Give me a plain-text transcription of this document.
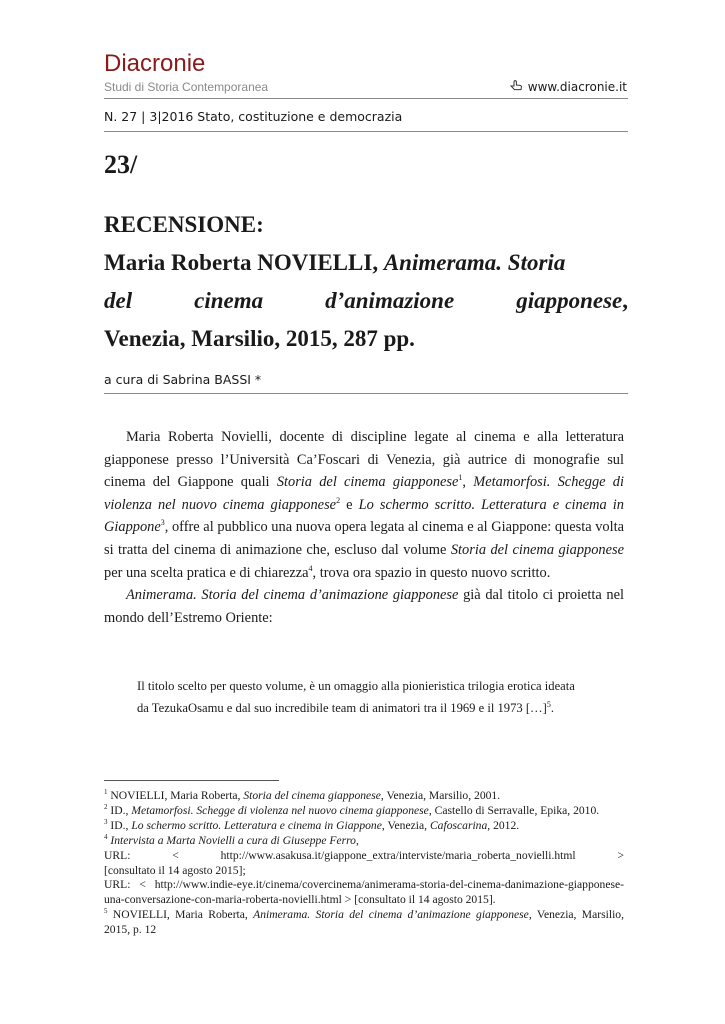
Diacronie
Studi di Storia Contemporanea	www.diacronie.it
N. 27 | 3|2016 Stato, costituzione e democrazia
23/
RECENSIONE:
Maria Roberta NOVIELLI, Animerama. Storia
del cinema d’animazione giapponese,
Venezia, Marsilio, 2015, 287 pp.
a cura di Sabrina BASSI *

Maria Roberta Novielli, docente di discipline legate al cinema e alla letteratura giapponese presso l’Università Ca’Foscari di Venezia, già autrice di monografie sul cinema del Giappone quali Storia del cinema giapponese$^1$, Metamorfosi. Schegge di violenza nel nuovo cinema giapponese$^2$ e Lo schermo scritto. Letteratura e cinema in Giappone$^3$, offre al pubblico una nuova opera legata al cinema e al Giappone: questa volta si tratta del cinema di animazione che, escluso dal volume Storia del cinema giapponese per una scelta pratica e di chiarezza$^4$, trova ora spazio in questo nuovo scritto.

Animerama. Storia del cinema d’animazione giapponese già dal titolo ci proietta nel mondo dell’Estremo Oriente:

Il titolo scelto per questo volume, è un omaggio alla pionieristica trilogia erotica ideata da TezukaOsamu e dal suo incredibile team di animatori tra il 1969 e il 1973 […]$^5$.
$^1$ NOVIELLI, Maria Roberta, Storia del cinema giapponese, Venezia, Marsilio, 2001.
$^2$ ID., Metamorfosi. Schegge di violenza nel nuovo cinema giapponese, Castello di Serravalle, Epika, 2010.
$^3$ ID., Lo schermo scritto. Letteratura e cinema in Giappone, Venezia, Cafoscarina, 2012.
$^4$ Intervista a Marta Novielli a cura di Giuseppe Ferro,
URL: < http://www.asakusa.it/giappone_extra/interviste/maria_roberta_novielli.html >
[consultato il 14 agosto 2015];
URL: < http://www.indie-eye.it/cinema/covercinema/animerama-storia-del-cinema-danimazione-giapponese-una-conversazione-con-maria-roberta-novielli.html > [consultato il 14 agosto 2015].
$^5$ NOVIELLI, Maria Roberta, Animerama. Storia del cinema d’animazione giapponese, Venezia, Marsilio, 2015, p. 12
